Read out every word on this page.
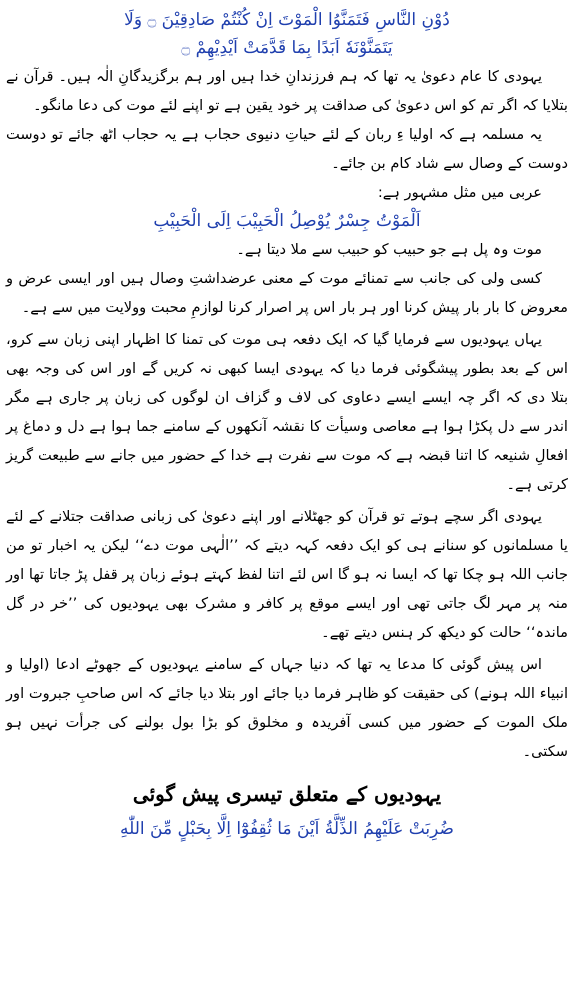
دُوْنِ النَّاسِ فَتَمَنَّوُا الْمَوْتَ اِنْ كُنْتُمْ صَادِقِيْنَ ۝ وَلَا
يَتَمَنَّوْنَهٗ اَبَدًا بِمَا قَدَّمَتْ اَيْدِيْهِمْ ۝

یہودی کا عام دعویٰ یہ تھا کہ ہم فرزندانِ خدا ہیں اور ہم برگزیدگانِ الٰہ ہیں۔ قرآن نے بتلایا کہ اگر تم کو اس دعویٰ کی صداقت پر خود یقین ہے تو اپنے لئے موت کی دعا مانگو۔

یہ مسلمہ ہے کہ اولیا ءِ ربان کے لئے حیاتِ دنیوی حجاب ہے یہ حجاب اٹھ جائے تو دوست دوست کے وصال سے شاد کام بن جائے۔

عربی میں مثل مشہور ہے:

اَلْمَوْتُ جِسْرٌ يُوْصِلُ الْحَبِيْبَ اِلَى الْحَبِيْبِ

موت وہ پل ہے جو حبیب کو حبیب سے ملا دیتا ہے۔

کسی ولی کی جانب سے تمنائے موت کے معنی عرضداشتِ وصال ہیں اور ایسی عرض و معروض کا بار بار پیش کرنا اور ہر بار اس پر اصرار کرنا لوازمِ محبت وولایت میں سے ہے۔

یہاں یہودیوں سے فرمایا گیا کہ ایک دفعہ ہی موت کی تمنا کا اظہار اپنی زبان سے کرو، اس کے بعد بطور پیشگوئی فرما دیا کہ یہودی ایسا کبھی نہ کریں گے اور اس کی وجہ بھی بتلا دی کہ اگر چہ ایسے ایسے دعاوی کی لاف و گزاف ان لوگوں کی زبان پر جاری ہے مگر اندر سے دل پکڑا ہوا ہے معاصی وسیأت کا نقشہ آنکھوں کے سامنے جما ہوا ہے دل و دماغ پر افعالِ شنیعہ کا اتنا قبضہ ہے کہ موت سے نفرت ہے خدا کے حضور میں جانے سے طبیعت گریز کرتی ہے۔

یہودی اگر سچے ہوتے تو قرآن کو جھٹلانے اور اپنے دعویٰ کی زبانی صداقت جتلانے کے لئے یا مسلمانوں کو سنانے ہی کو ایک دفعہ کہہ دیتے کہ ’’الٰہی موت دے‘‘ لیکن یہ اخبار تو من جانب اللہ ہو چکا تھا کہ ایسا نہ ہو گا اس لئے اتنا لفظ کہتے ہوئے زبان پر قفل پڑ جاتا تھا اور منہ پر مہر لگ جاتی تھی اور ایسے موقع پر کافر و مشرک بھی یہودیوں کی ’’خر در گل ماندہ‘‘ حالت کو دیکھ کر ہنس دیتے تھے۔

اس پیش گوئی کا مدعا یہ تھا کہ دنیا جہاں کے سامنے یہودیوں کے جھوٹے ادعا (اولیا و انبیاء اللہ ہونے) کی حقیقت کو ظاہر فرما دیا جائے اور بتلا دیا جائے کہ اس صاحبِ جبروت اور ملک الموت کے حضور میں کسی آفریدہ و مخلوق کو بڑا بول بولنے کی جرأت نہیں ہو سکتی۔

یہودیوں کے متعلق تیسری پیش گوئی
ضُرِبَتْ عَلَيْهِمُ الذِّلَّةُ اَيْنَ مَا ثُقِفُوْٓا اِلَّا بِحَبْلٍ مِّنَ اللّٰهِ
